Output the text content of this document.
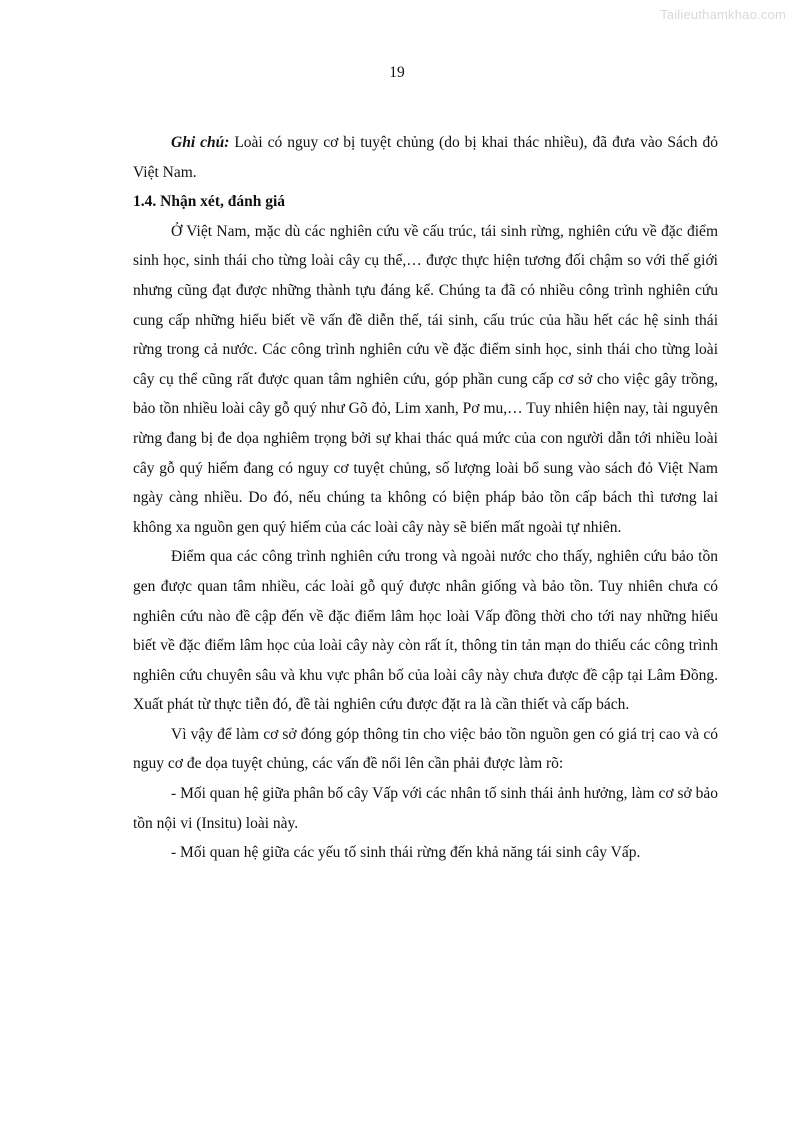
Tailieuthamkhao.com
19

Ghi chú: Loài có nguy cơ bị tuyệt chủng (do bị khai thác nhiều), đã đưa vào Sách đỏ Việt Nam.

1.4. Nhận xét, đánh giá

Ở Việt Nam, mặc dù các nghiên cứu về cấu trúc, tái sinh rừng, nghiên cứu về đặc điểm sinh học, sinh thái cho từng loài cây cụ thể,… được thực hiện tương đối chậm so với thế giới nhưng cũng đạt được những thành tựu đáng kể. Chúng ta đã có nhiều công trình nghiên cứu cung cấp những hiểu biết về vấn đề diễn thế, tái sinh, cấu trúc của hầu hết các hệ sinh thái rừng trong cả nước. Các công trình nghiên cứu về đặc điểm sinh học, sinh thái cho từng loài cây cụ thể cũng rất được quan tâm nghiên cứu, góp phần cung cấp cơ sở cho việc gây trồng, bảo tồn nhiều loài cây gỗ quý như Gõ đỏ, Lim xanh, Pơ mu,… Tuy nhiên hiện nay, tài nguyên rừng đang bị đe dọa nghiêm trọng bởi sự khai thác quá mức của con người dẫn tới nhiều loài cây gỗ quý hiếm đang có nguy cơ tuyệt chủng, số lượng loài bổ sung vào sách đỏ Việt Nam ngày càng nhiều. Do đó, nếu chúng ta không có biện pháp bảo tồn cấp bách thì tương lai không xa nguồn gen quý hiếm của các loài cây này sẽ biến mất ngoài tự nhiên.

Điểm qua các công trình nghiên cứu trong và ngoài nước cho thấy, nghiên cứu bảo tồn gen được quan tâm nhiều, các loài gỗ quý được nhân giống và bảo tồn. Tuy nhiên chưa có nghiên cứu nào đề cập đến về đặc điểm lâm học loài Vấp đồng thời cho tới nay những hiểu biết về đặc điểm lâm học của loài cây này còn rất ít, thông tin tản mạn do thiếu các công trình nghiên cứu chuyên sâu và khu vực phân bố của loài cây này chưa được đề cập tại Lâm Đồng. Xuất phát từ thực tiễn đó, đề tài nghiên cứu được đặt ra là cần thiết và cấp bách.

Vì vậy để làm cơ sở đóng góp thông tin cho việc bảo tồn nguồn gen có giá trị cao và có nguy cơ đe dọa tuyệt chủng, các vấn đề nổi lên cần phải được làm rõ:

- Mối quan hệ giữa phân bố cây Vấp với các nhân tố sinh thái ảnh hưởng, làm cơ sở bảo tồn nội vi (Insitu) loài này.

- Mối quan hệ giữa các yếu tố sinh thái rừng đến khả năng tái sinh cây Vấp.
